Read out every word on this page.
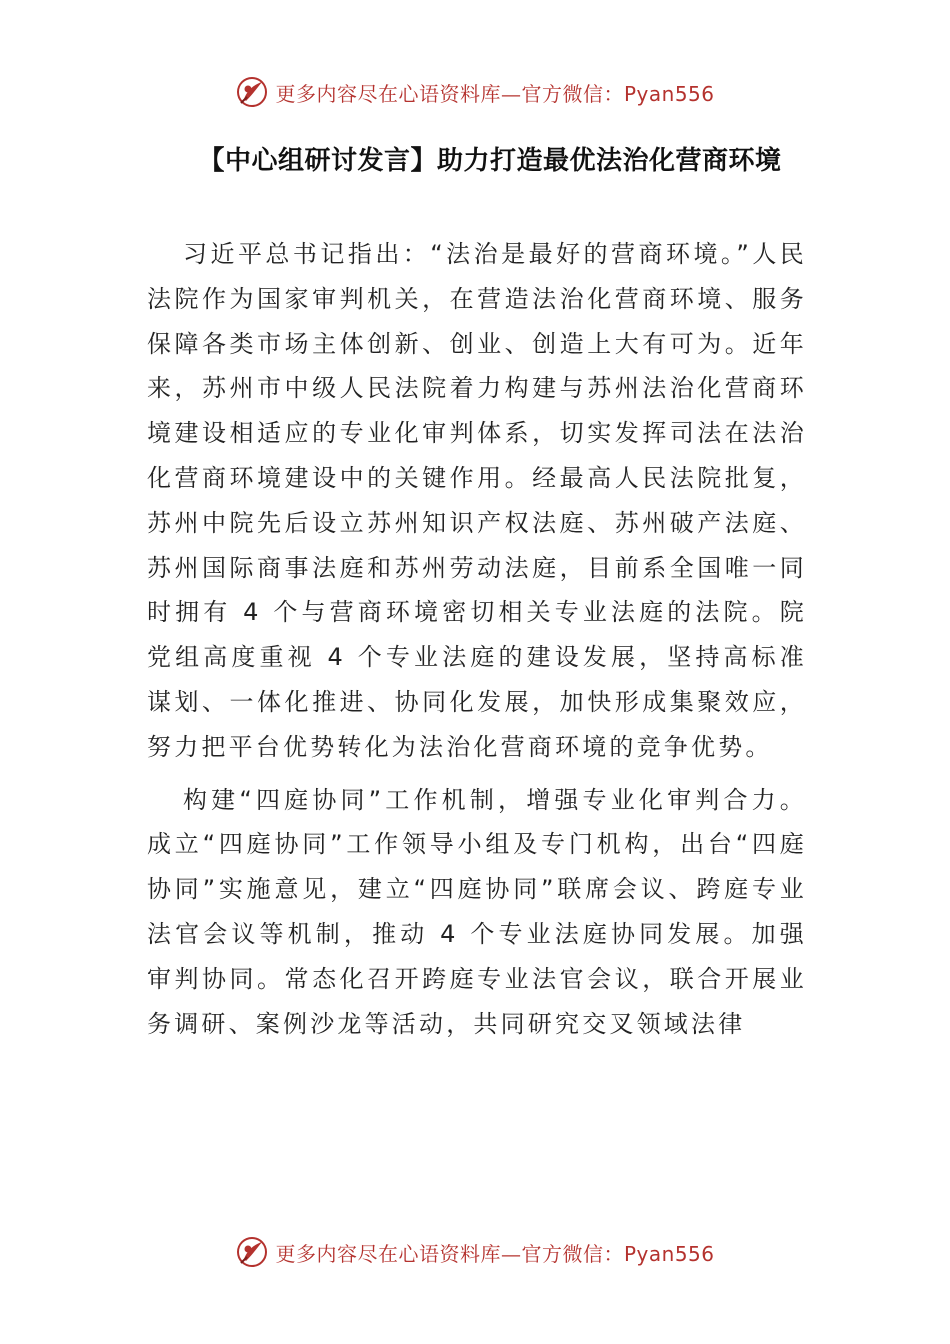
更多内容尽在心语资料库—官方微信：Pyan556
【中心组研讨发言】助力打造最优法治化营商环境

习近平总书记指出：“法治是最好的营商环境。”人民法院作为国家审判机关，在营造法治化营商环境、服务保障各类市场主体创新、创业、创造上大有可为。近年来，苏州市中级人民法院着力构建与苏州法治化营商环境建设相适应的专业化审判体系，切实发挥司法在法治化营商环境建设中的关键作用。经最高人民法院批复，苏州中院先后设立苏州知识产权法庭、苏州破产法庭、苏州国际商事法庭和苏州劳动法庭，目前系全国唯一同时拥有 4 个与营商环境密切相关专业法庭的法院。院党组高度重视 4 个专业法庭的建设发展，坚持高标准谋划、一体化推进、协同化发展，加快形成集聚效应，努力把平台优势转化为法治化营商环境的竞争优势。

构建“四庭协同”工作机制，增强专业化审判合力。成立“四庭协同”工作领导小组及专门机构，出台“四庭协同”实施意见，建立“四庭协同”联席会议、跨庭专业法官会议等机制，推动 4 个专业法庭协同发展。加强审判协同。常态化召开跨庭专业法官会议，联合开展业务调研、案例沙龙等活动，共同研究交叉领域法律

更多内容尽在心语资料库—官方微信：Pyan556
